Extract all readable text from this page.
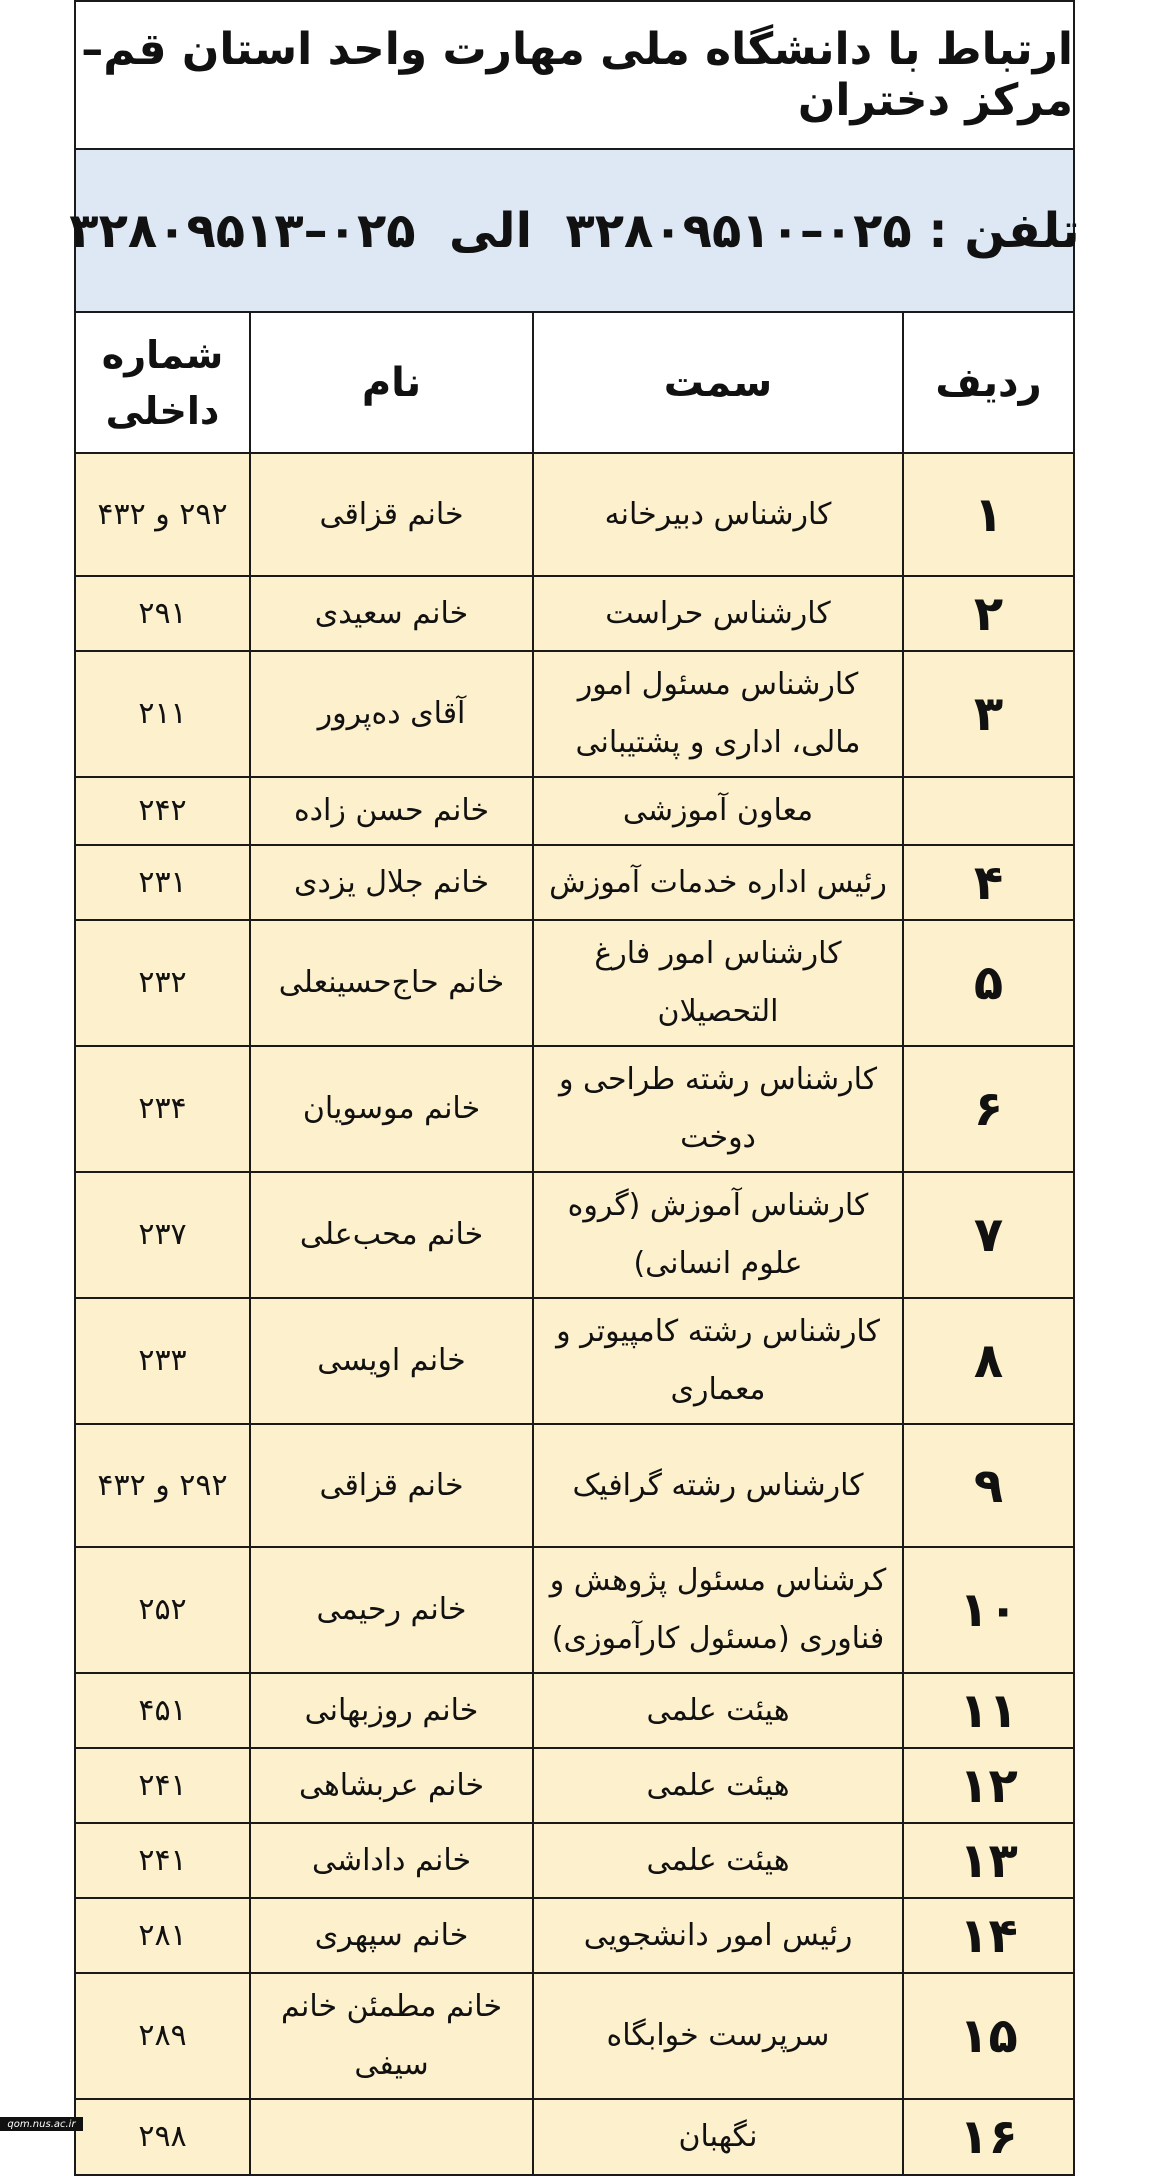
ارتباط با دانشگاه ملی مهارت واحد استان قم– مرکز دختران
تلفن : ۰۲۵–۳۲۸۰۹۵۱۰  الی  ۰۲۵–۳۲۸۰۹۵۱۳
ردیف	سمت	نام	شماره
داخلی
۱	کارشناس دبیرخانه	خانم قزاقی	۲۹۲ و ۴۳۲
۲	کارشناس حراست	خانم سعیدی	۲۹۱
۳	کارشناس مسئول امور مالی، اداری و پشتیبانی	آقای ده‌پرور	۲۱۱
	معاون آموزشی	خانم حسن زاده	۲۴۲
۴	رئیس اداره خدمات آموزش	خانم جلال یزدی	۲۳۱
۵	کارشناس امور فارغ التحصیلان	خانم حاج‌حسینعلی	۲۳۲
۶	کارشناس رشته طراحی و دوخت	خانم موسویان	۲۳۴
۷	کارشناس آموزش (گروه علوم انسانی)	خانم محب‌علی	۲۳۷
۸	کارشناس رشته کامپیوتر و معماری	خانم اویسی	۲۳۳
۹	کارشناس رشته گرافیک	خانم قزاقی	۲۹۲ و ۴۳۲
۱۰	کرشناس مسئول پژوهش و فناوری (مسئول کارآموزی)	خانم رحیمی	۲۵۲
۱۱	هیئت علمی	خانم روزبهانی	۴۵۱
۱۲	هیئت علمی	خانم عربشاهی	۲۴۱
۱۳	هیئت علمی	خانم داداشی	۲۴۱
۱۴	رئیس امور دانشجویی	خانم سپهری	۲۸۱
۱۵	سرپرست خوابگاه	خانم مطمئن خانم سیفی	۲۸۹
۱۶	نگهبان		۲۹۸
qom.nus.ac.ir
